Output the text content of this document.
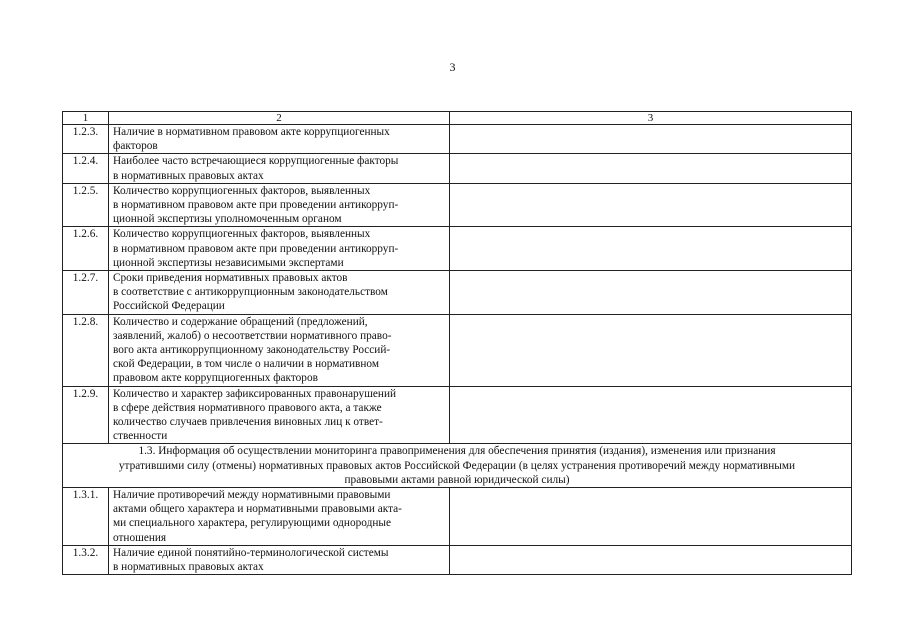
3
1	2	3
1.2.3.	Наличие в нормативном правовом акте коррупциогенных
факторов	
1.2.4.	Наиболее часто встречающиеся коррупциогенные факторы
в нормативных правовых актах	
1.2.5.	Количество коррупциогенных факторов, выявленных
в нормативном правовом акте при проведении антикорруп-
ционной экспертизы уполномоченным органом	
1.2.6.	Количество коррупциогенных факторов, выявленных
в нормативном правовом акте при проведении антикорруп-
ционной экспертизы независимыми экспертами	
1.2.7.	Сроки приведения нормативных правовых актов
в соответствие с антикоррупционным законодательством
Российской Федерации	
1.2.8.	Количество и содержание обращений (предложений,
заявлений, жалоб) о несоответствии нормативного право-
вого акта антикоррупционному законодательству Россий-
ской Федерации, в том числе о наличии в нормативном
правовом акте коррупциогенных факторов	
1.2.9.	Количество и характер зафиксированных правонарушений
в сфере действия нормативного правового акта, а также
количество случаев привлечения виновных лиц к ответ-
ственности	
1.3. Информация об осуществлении мониторинга правоприменения для обеспечения принятия (издания), изменения или признания
утратившими силу (отмены) нормативных правовых актов Российской Федерации (в целях устранения противоречий между нормативными
правовыми актами равной юридической силы)		
1.3.1.	Наличие противоречий между нормативными правовыми
актами общего характера и нормативными правовыми акта-
ми специального характера, регулирующими однородные
отношения	
1.3.2.	Наличие единой понятийно-терминологической системы
в нормативных правовых актах	
